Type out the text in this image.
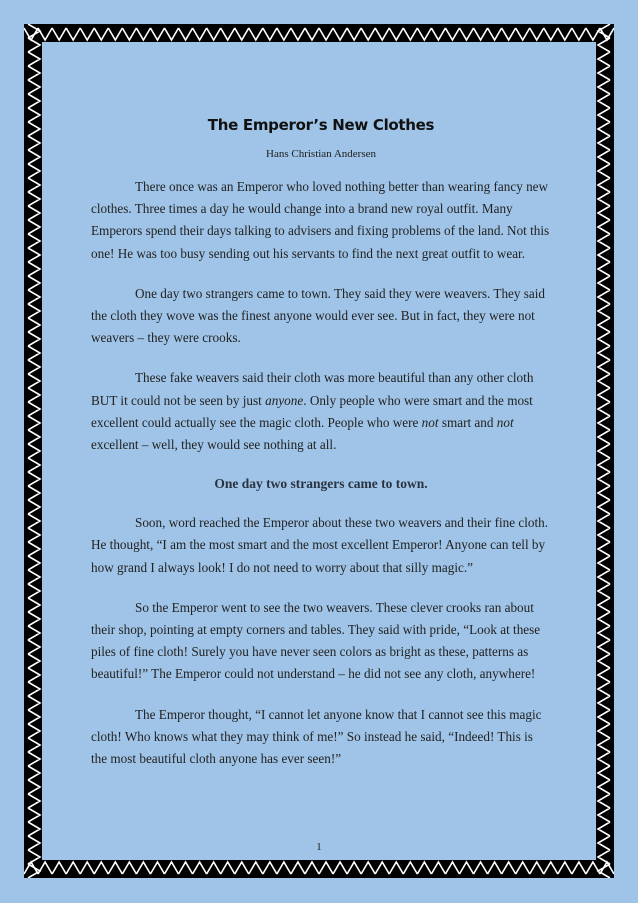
The Emperor’s New Clothes
Hans Christian Andersen

There once was an Emperor who loved nothing better than wearing fancy new clothes. Three times a day he would change into a brand new royal outfit. Many Emperors spend their days talking to advisers and fixing problems of the land. Not this one! He was too busy sending out his servants to find the next great outfit to wear.

One day two strangers came to town. They said they were weavers. They said the cloth they wove was the finest anyone would ever see. But in fact, they were not weavers – they were crooks.

These fake weavers said their cloth was more beautiful than any other cloth BUT it could not be seen by just anyone. Only people who were smart and the most excellent could actually see the magic cloth. People who were not smart and not excellent – well, they would see nothing at all.

One day two strangers came to town.

Soon, word reached the Emperor about these two weavers and their fine cloth. He thought, “I am the most smart and the most excellent Emperor! Anyone can tell by how grand I always look! I do not need to worry about that silly magic.”

So the Emperor went to see the two weavers. These clever crooks ran about their shop, pointing at empty corners and tables. They said with pride, “Look at these piles of fine cloth! Surely you have never seen colors as bright as these, patterns as beautiful!” The Emperor could not understand – he did not see any cloth, anywhere!

The Emperor thought, “I cannot let anyone know that I cannot see this magic cloth! Who knows what they may think of me!” So instead he said, “Indeed! This is the most beautiful cloth anyone has ever seen!”

1
